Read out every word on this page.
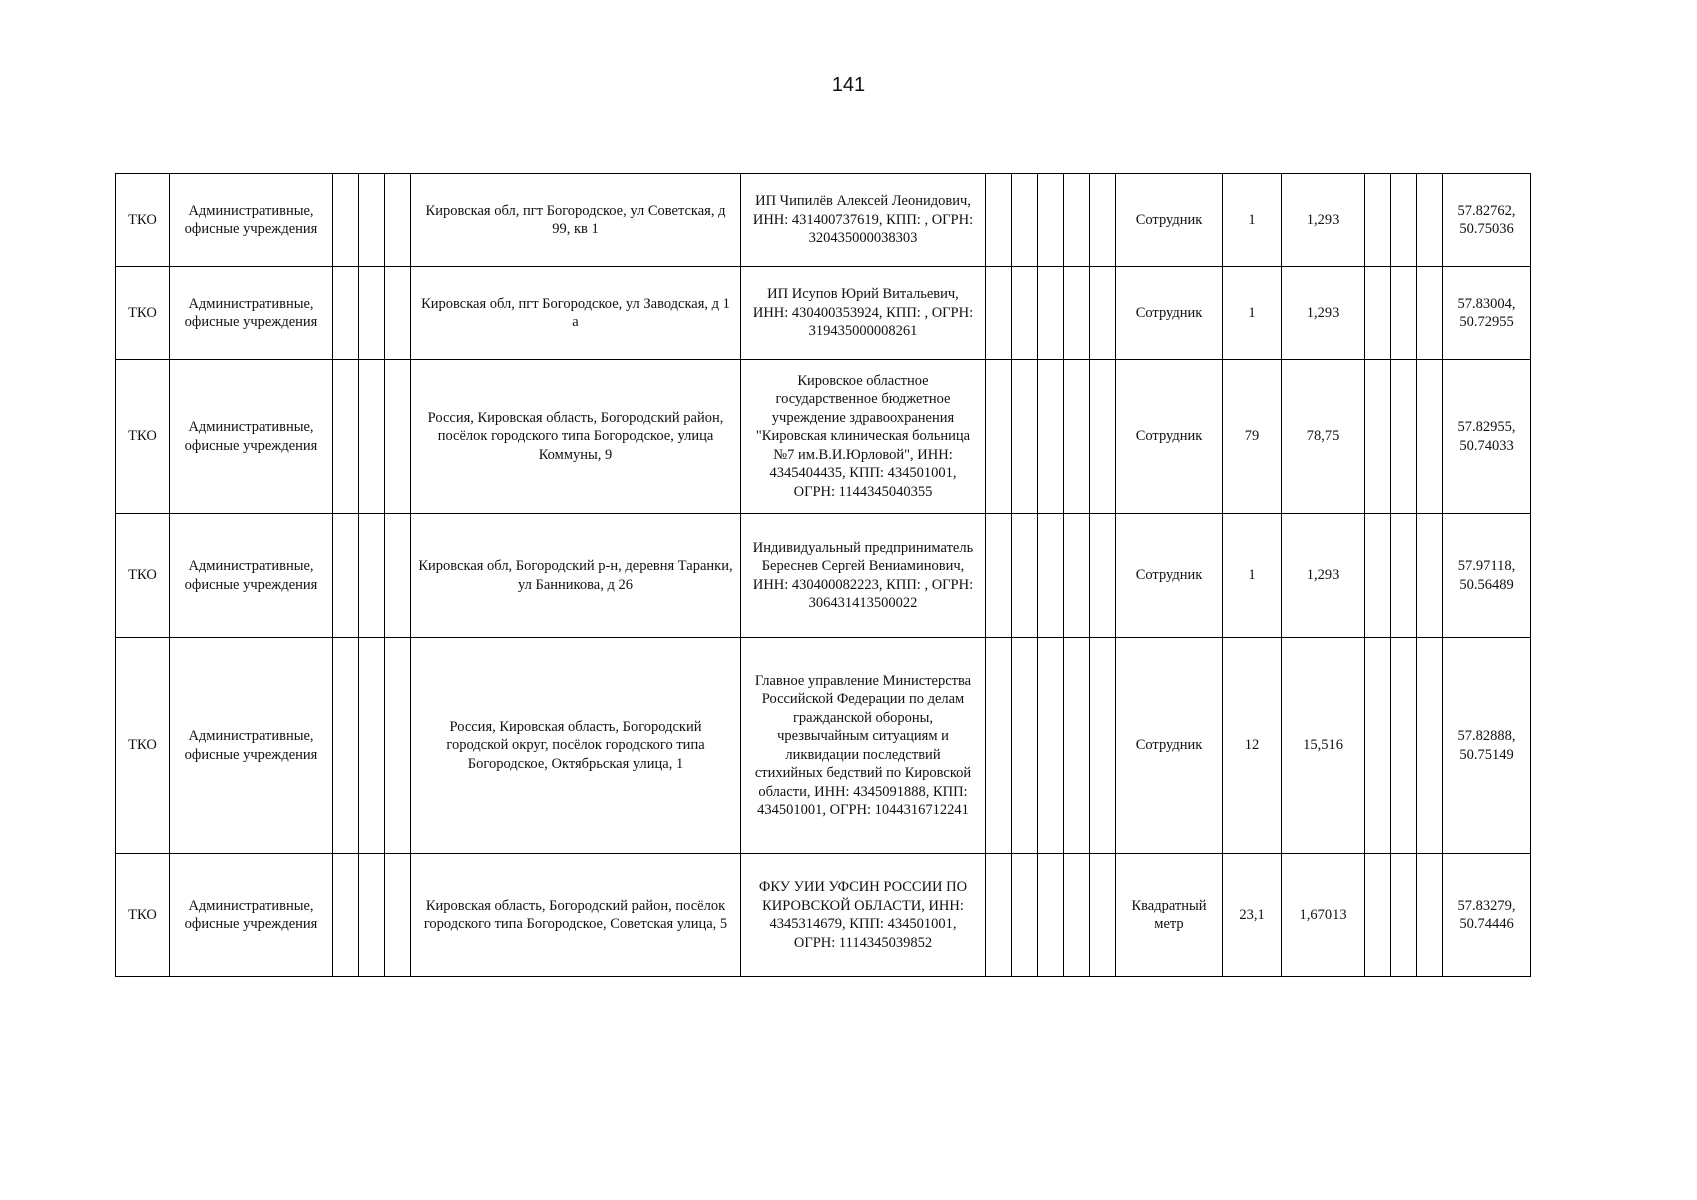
141
ТКО	Административные, офисные учреждения				Кировская обл, пгт Богородское, ул Советская, д 99, кв 1	ИП Чипилёв Алексей Леонидович, ИНН: 431400737619, КПП: , ОГРН: 320435000038303						Сотрудник	1	1,293				57.82762, 50.75036
ТКО	Административные, офисные учреждения				Кировская обл, пгт Богородское, ул Заводская, д 1 а	ИП Исупов Юрий Витальевич, ИНН: 430400353924, КПП: , ОГРН: 319435000008261						Сотрудник	1	1,293				57.83004, 50.72955
ТКО	Административные, офисные учреждения				Россия, Кировская область, Богородский район, посёлок городского типа Богородское, улица Коммуны, 9	Кировское областное государственное бюджетное учреждение здравоохранения "Кировская клиническая больница №7 им.В.И.Юрловой", ИНН: 4345404435, КПП: 434501001, ОГРН: 1144345040355						Сотрудник	79	78,75				57.82955, 50.74033
ТКО	Административные, офисные учреждения				Кировская обл, Богородский р-н, деревня Таранки, ул Банникова, д 26	Индивидуальный предприниматель Береснев Сергей Вениаминович, ИНН: 430400082223, КПП: , ОГРН: 306431413500022						Сотрудник	1	1,293				57.97118, 50.56489
ТКО	Административные, офисные учреждения				Россия, Кировская область, Богородский городской округ, посёлок городского типа Богородское, Октябрьская улица, 1	Главное управление Министерства Российской Федерации по делам гражданской обороны, чрезвычайным ситуациям и ликвидации последствий стихийных бедствий по Кировской области, ИНН: 4345091888, КПП: 434501001, ОГРН: 1044316712241						Сотрудник	12	15,516				57.82888, 50.75149
ТКО	Административные, офисные учреждения				Кировская область, Богородский район, посёлок городского типа Богородское, Советская улица, 5	ФКУ УИИ УФСИН РОССИИ ПО КИРОВСКОЙ ОБЛАСТИ, ИНН: 4345314679, КПП: 434501001, ОГРН: 1114345039852						Квадратный метр	23,1	1,67013				57.83279, 50.74446
